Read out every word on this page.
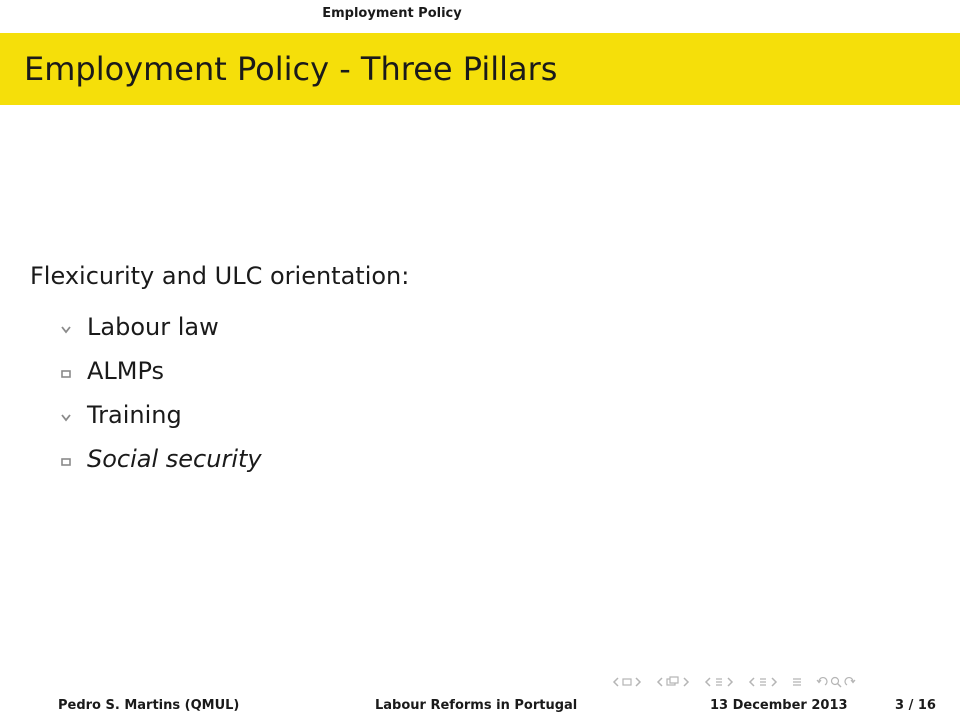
Employment Policy
Employment Policy - Three Pillars
Flexicurity and ULC orientation:
Labour law
ALMPs
Training
Social security
Pedro S. Martins (QMUL)	Labour Reforms in Portugal	13 December 2013	3 / 16
